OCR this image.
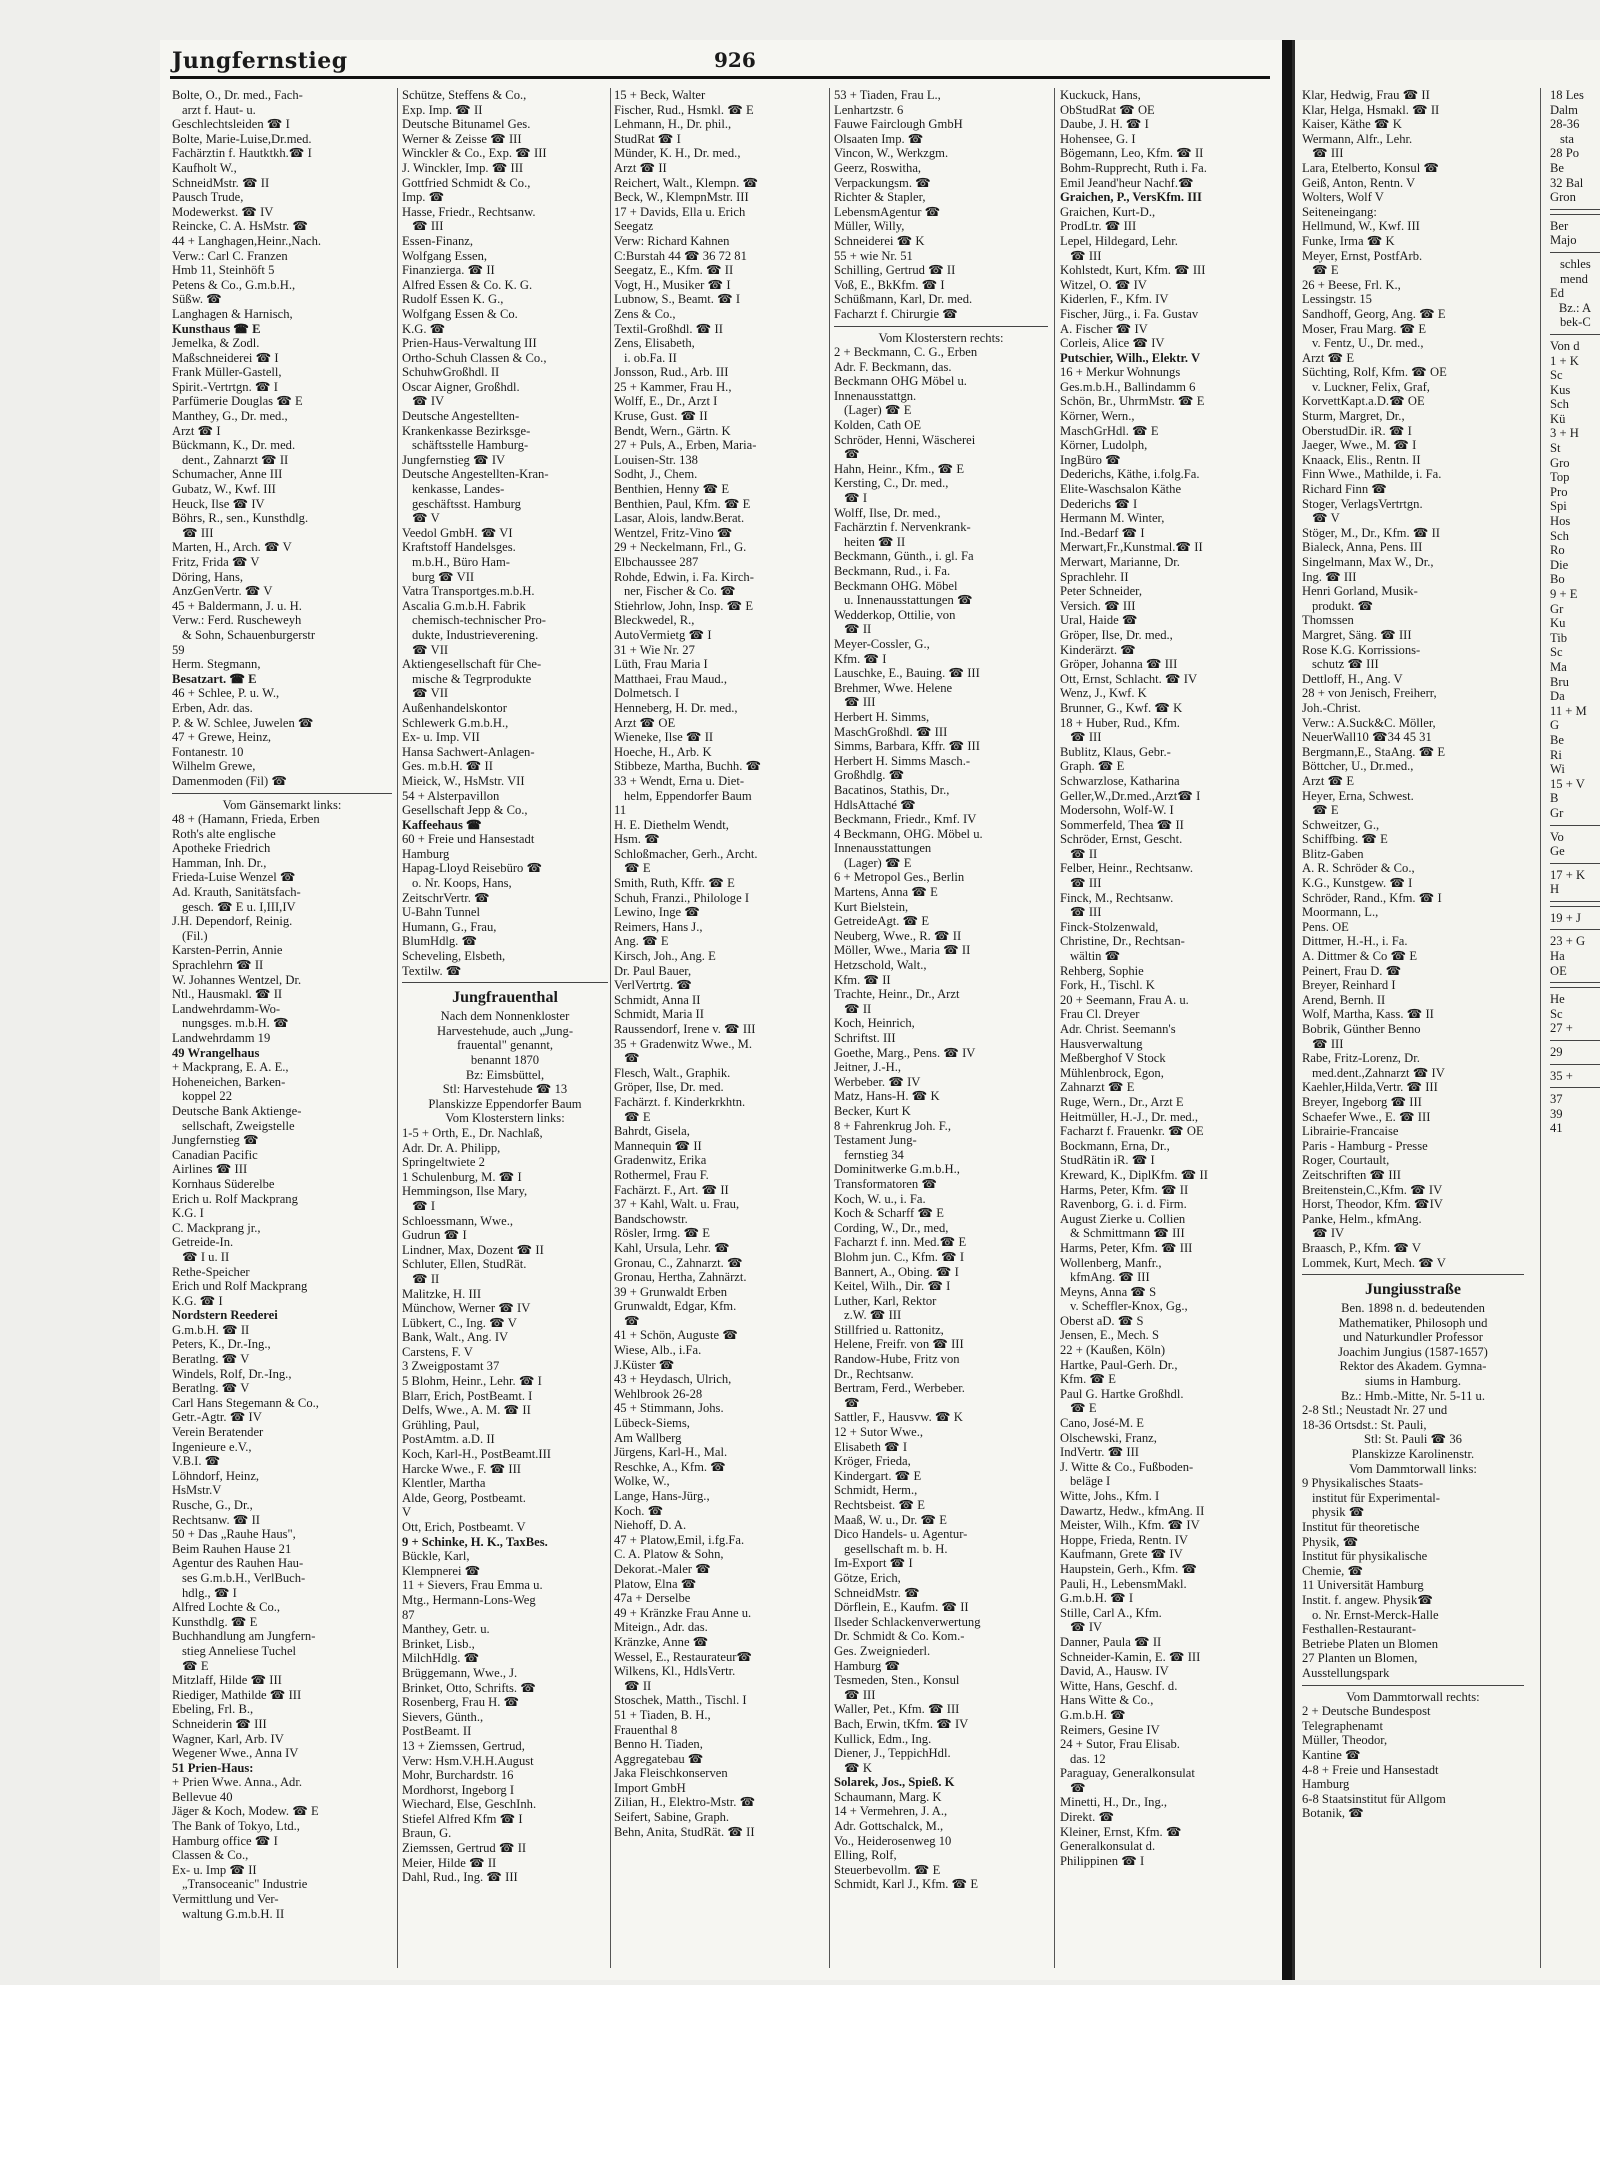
Jungfernstieg	926
Bolte, O., Dr. med., Fach-
arzt f. Haut- u.
Geschlechtsleiden ☎ I
Bolte, Marie-Luise,Dr.med.
Fachärztin f. Hautktkh.☎ I
Kaufholt W.,
SchneidMstr. ☎ II
Pausch Trude,
Modewerkst. ☎ IV
Reincke, C. A. HsMstr. ☎
44 + Langhagen,Heinr.,Nach.
Verw.: Carl C. Franzen
Hmb 11, Steinhöft 5
Petens & Co., G.m.b.H.,
Süßw. ☎
Langhagen & Harnisch,
Kunsthaus ☎ E
Jemelka, & Zodl.
Maßschneiderei ☎ I
Frank Müller-Gastell,
Spirit.-Vertrtgn. ☎ I
Parfümerie Douglas ☎ E
Manthey, G., Dr. med.,
Arzt ☎ I
Bückmann, K., Dr. med.
dent., Zahnarzt ☎ II
Schumacher, Anne III
Gubatz, W., Kwf. III
Heuck, Ilse ☎ IV
Böhrs, R., sen., Kunsthdlg.
☎ III
Marten, H., Arch. ☎ V
Fritz, Frida ☎ V
Döring, Hans,
AnzGenVertr. ☎ V
45 + Baldermann, J. u. H.
Verw.: Ferd. Ruscheweyh
& Sohn, Schauenburgerstr
59
Herm. Stegmann,
Besatzart. ☎ E
46 + Schlee, P. u. W.,
Erben, Adr. das.
P. & W. Schlee, Juwelen ☎
47 + Grewe, Heinz,
Fontanestr. 10
Wilhelm Grewe,
Damenmoden (Fil) ☎
Vom Gänsemarkt links:
48 + (Hamann, Frieda, Erben
Roth's alte englische
Apotheke Friedrich
Hamman, Inh. Dr.,
Frieda-Luise Wenzel ☎
Ad. Krauth, Sanitätsfach-
gesch. ☎ E u. I,III,IV
J.H. Dependorf, Reinig.
(Fil.)
Karsten-Perrin, Annie
Sprachlehrn ☎ II
W. Johannes Wentzel, Dr.
Ntl., Hausmakl. ☎ II
Landwehrdamm-Wo-
nungsges. m.b.H. ☎
Landwehrdamm 19
49 Wrangelhaus
+ Mackprang, E. A. E.,
Hoheneichen, Barken-
koppel 22
Deutsche Bank Aktienge-
sellschaft, Zweigstelle
Jungfernstieg ☎
Canadian Pacific
Airlines ☎ III
Kornhaus Süderelbe
Erich u. Rolf Mackprang
K.G. I
C. Mackprang jr.,
Getreide-In.
☎ I u. II
Rethe-Speicher
Erich und Rolf Mackprang
K.G. ☎ I
Nordstern Reederei
G.m.b.H. ☎ II
Peters, K., Dr.-Ing.,
Beratlng. ☎ V
Windels, Rolf, Dr.-Ing.,
Beratlng. ☎ V
Carl Hans Stegemann & Co.,
Getr.-Agtr. ☎ IV
Verein Beratender
Ingenieure e.V.,
V.B.I. ☎
Löhndorf, Heinz,
HsMstr.V
Rusche, G., Dr.,
Rechtsanw. ☎ II
50 + Das „Rauhe Haus",
Beim Rauhen Hause 21
Agentur des Rauhen Hau-
ses G.m.b.H., VerlBuch-
hdlg., ☎ I
Alfred Lochte & Co.,
Kunsthdlg. ☎ E
Buchhandlung am Jungfern-
stieg Anneliese Tuchel
☎ E
Mitzlaff, Hilde ☎ III
Riediger, Mathilde ☎ III
Ebeling, Frl. B.,
Schneiderin ☎ III
Wagner, Karl, Arb. IV
Wegener Wwe., Anna IV
51 Prien-Haus:
+ Prien Wwe. Anna., Adr.
Bellevue 40
Jäger & Koch, Modew. ☎ E
The Bank of Tokyo, Ltd.,
Hamburg office ☎ I
Classen & Co.,
Ex- u. Imp ☎ II
„Transoceanic" Industrie
Vermittlung und Ver-
waltung G.m.b.H. II
Schütze, Steffens & Co.,
Exp. Imp. ☎ II
Deutsche Bitunamel Ges.
Werner & Zeisse ☎ III
Winckler & Co., Exp. ☎ III
J. Winckler, Imp. ☎ III
Gottfried Schmidt & Co.,
Imp. ☎
Hasse, Friedr., Rechtsanw.
☎ III
Essen-Finanz,
Wolfgang Essen,
Finanzierga. ☎ II
Alfred Essen & Co. K. G.
Rudolf Essen K. G.,
Wolfgang Essen & Co.
K.G. ☎
Prien-Haus-Verwaltung III
Ortho-Schuh Classen & Co.,
SchuhwGroßhdl. II
Oscar Aigner, Großhdl.
☎ IV
Deutsche Angestellten-
Krankenkasse Bezirksge-
schäftsstelle Hamburg-
Jungfernstieg ☎ IV
Deutsche Angestellten-Kran-
kenkasse, Landes-
geschäftsst. Hamburg
☎ V
Veedol GmbH. ☎ VI
Kraftstoff Handelsges.
m.b.H., Büro Ham-
burg ☎ VII
Vatra Transportges.m.b.H.
Ascalia G.m.b.H. Fabrik
chemisch-technischer Pro-
dukte, Industrieverening.
☎ VII
Aktiengesellschaft für Che-
mische & Tegrprodukte
☎ VII
Außenhandelskontor
Schlewerk G.m.b.H.,
Ex- u. Imp. VII
Hansa Sachwert-Anlagen-
Ges. m.b.H. ☎ II
Mieick, W., HsMstr. VII
54 + Alsterpavillon
Gesellschaft Jepp & Co.,
Kaffeehaus ☎
60 + Freie und Hansestadt
Hamburg
Hapag-Lloyd Reisebüro ☎
o. Nr. Koops, Hans,
ZeitschrVertr. ☎
U-Bahn Tunnel
Humann, G., Frau,
BlumHdlg. ☎
Scheveling, Elsbeth,
Textilw. ☎
Jungfrauenthal
Nach dem Nonnenkloster
Harvestehude, auch „Jung-
frauental" genannt,
benannt 1870
Bz: Eimsbüttel,
Stl: Harvestehude ☎ 13
Planskizze Eppendorfer Baum
Vom Klosterstern links:
1-5 + Orth, E., Dr. Nachlaß,
Adr. Dr. A. Philipp,
Springeltwiete 2
1 Schulenburg, M. ☎ I
Hemmingson, Ilse Mary,
☎ I
Schloessmann, Wwe.,
Gudrun ☎ I
Lindner, Max, Dozent ☎ II
Schluter, Ellen, StudRät.
☎ II
Malitzke, H. III
Münchow, Werner ☎ IV
Lübkert, C., Ing. ☎ V
Bank, Walt., Ang. IV
Carstens, F. V
3 Zweigpostamt 37
5 Blohm, Heinr., Lehr. ☎ I
Blarr, Erich, PostBeamt. I
Delfs, Wwe., A. M. ☎ II
Grühling, Paul,
PostAmtm. a.D. II
Koch, Karl-H., PostBeamt.III
Harcke Wwe., F. ☎ III
Klentler, Martha
Alde, Georg, Postbeamt.
V
Ott, Erich, Postbeamt. V
9 + Schinke, H. K., TaxBes.
Bückle, Karl,
Klempnerei ☎
11 + Sievers, Frau Emma u.
Mtg., Hermann-Lons-Weg
87
Manthey, Getr. u.
Brinket, Lisb.,
MilchHdlg. ☎
Brüggemann, Wwe., J.
Brinket, Otto, Schrifts. ☎
Rosenberg, Frau H. ☎
Sievers, Günth.,
PostBeamt. II
13 + Ziemssen, Gertrud,
Verw: Hsm.V.H.H.August
Mohr, Burchardstr. 16
Mordhorst, Ingeborg I
Wiechard, Else, GeschInh.
Stiefel Alfred Kfm ☎ I
Braun, G.
Ziemssen, Gertrud ☎ II
Meier, Hilde ☎ II
Dahl, Rud., Ing. ☎ III
15 + Beck, Walter
Fischer, Rud., Hsmkl. ☎ E
Lehmann, H., Dr. phil.,
StudRat ☎ I
Münder, K. H., Dr. med.,
Arzt ☎ II
Reichert, Walt., Klempn. ☎
Beck, W., KlempnMstr. III
17 + Davids, Ella u. Erich
Seegatz
Verw: Richard Kahnen
C:Burstah 44 ☎ 36 72 81
Seegatz, E., Kfm. ☎ II
Vogt, H., Musiker ☎ I
Lubnow, S., Beamt. ☎ I
Zens & Co.,
Textil-Großhdl. ☎ II
Zens, Elisabeth,
i. ob.Fa. II
Jonsson, Rud., Arb. III
25 + Kammer, Frau H.,
Wolff, E., Dr., Arzt I
Kruse, Gust. ☎ II
Bendt, Wern., Gärtn. K
27 + Puls, A., Erben, Maria-
Louisen-Str. 138
Sodht, J., Chem.
Benthien, Henny ☎ E
Benthien, Paul, Kfm. ☎ E
Lasar, Alois, landw.Berat.
Wentzel, Fritz-Vino ☎
29 + Neckelmann, Frl., G.
Elbchaussee 287
Rohde, Edwin, i. Fa. Kirch-
ner, Fischer & Co. ☎
Stiehrlow, John, Insp. ☎ E
Bleckwedel, R.,
AutoVermietg ☎ I
31 + Wie Nr. 27
Lüth, Frau Maria I
Matthaei, Frau Maud.,
Dolmetsch. I
Henneberg, H. Dr. med.,
Arzt ☎ OE
Wieneke, Ilse ☎ II
Hoeche, H., Arb. K
Stibbeze, Martha, Buchh. ☎
33 + Wendt, Erna u. Diet-
helm, Eppendorfer Baum
11
H. E. Diethelm Wendt,
Hsm. ☎
Schloßmacher, Gerh., Archt.
☎ E
Smith, Ruth, Kffr. ☎ E
Schuh, Franzi., Philologe I
Lewino, Inge ☎
Reimers, Hans J.,
Ang. ☎ E
Kirsch, Joh., Ang. E
Dr. Paul Bauer,
VerlVertrtg. ☎
Schmidt, Anna II
Schmidt, Maria II
Raussendorf, Irene v. ☎ III
35 + Gradenwitz Wwe., M.
☎
Flesch, Walt., Graphik.
Gröper, Ilse, Dr. med.
Fachärzt. f. Kinderkrkhtn.
☎ E
Bahrdt, Gisela,
Mannequin ☎ II
Gradenwitz, Erika
Rothermel, Frau F.
Fachärzt. F., Art. ☎ II
37 + Kahl, Walt. u. Frau,
Bandschowstr.
Rösler, Irmg. ☎ E
Kahl, Ursula, Lehr. ☎
Gronau, C., Zahnarzt. ☎
Gronau, Hertha, Zahnärzt.
39 + Grunwaldt Erben
Grunwaldt, Edgar, Kfm.
☎
41 + Schön, Auguste ☎
Wiese, Alb., i.Fa.
J.Küster ☎
43 + Heydasch, Ulrich,
Wehlbrook 26-28
45 + Stimmann, Johs.
Lübeck-Siems,
Am Wallberg
Jürgens, Karl-H., Mal.
Reschke, A., Kfm. ☎
Wolke, W.,
Lange, Hans-Jürg.,
Koch. ☎
Niehoff, D. A.
47 + Platow,Emil, i.fg.Fa.
C. A. Platow & Sohn,
Dekorat.-Maler ☎
Platow, Elna ☎
47a + Derselbe
49 + Kränzke Frau Anne u.
Miteign., Adr. das.
Kränzke, Anne ☎
Wessel, E., Restaurateur☎
Wilkens, Kl., HdlsVertr.
☎ II
Stoschek, Matth., Tischl. I
51 + Tiaden, B. H.,
Frauenthal 8
Benno H. Tiaden,
Aggregatebau ☎
Jaka Fleischkonserven
Import GmbH
Zilian, H., Elektro-Mstr. ☎
Seifert, Sabine, Graph.
Behn, Anita, StudRät. ☎ II
53 + Tiaden, Frau L.,
Lenhartzstr. 6
Fauwe Fairclough GmbH
Olsaaten Imp. ☎
Vincon, W., Werkzgm.
Geerz, Roswitha,
Verpackungsm. ☎
Richter & Stapler,
LebensmAgentur ☎
Müller, Willy,
Schneiderei ☎ K
55 + wie Nr. 51
Schilling, Gertrud ☎ II
Voß, E., BkKfm. ☎ I
Schüßmann, Karl, Dr. med.
Facharzt f. Chirurgie ☎
Vom Klosterstern rechts:
2 + Beckmann, C. G., Erben
Adr. F. Beckmann, das.
Beckmann OHG Möbel u.
Innenausstattgn.
(Lager) ☎ E
Kolden, Cath OE
Schröder, Henni, Wäscherei
☎
Hahn, Heinr., Kfm., ☎ E
Kersting, C., Dr. med.,
☎ I
Wolff, Ilse, Dr. med.,
Fachärztin f. Nervenkrank-
heiten ☎ II
Beckmann, Günth., i. gl. Fa
Beckmann, Rud., i. Fa.
Beckmann OHG. Möbel
u. Innenausstattungen ☎
Wedderkop, Ottilie, von
☎ II
Meyer-Cossler, G.,
Kfm. ☎ I
Lauschke, E., Bauing. ☎ III
Brehmer, Wwe. Helene
☎ III
Herbert H. Simms,
MaschGroßhdl. ☎ III
Simms, Barbara, Kffr. ☎ III
Herbert H. Simms Masch.-
Großhdlg. ☎
Bacatinos, Stathis, Dr.,
HdlsAttaché ☎
Beckmann, Friedr., Kmf. IV
4 Beckmann, OHG. Möbel u.
Innenausstattungen
(Lager) ☎ E
6 + Metropol Ges., Berlin
Martens, Anna ☎ E
Kurt Bielstein,
GetreideAgt. ☎ E
Neuberg, Wwe., R. ☎ II
Möller, Wwe., Maria ☎ II
Hetzschold, Walt.,
Kfm. ☎ II
Trachte, Heinr., Dr., Arzt
☎ II
Koch, Heinrich,
Schriftst. III
Goethe, Marg., Pens. ☎ IV
Jeitner, J.-H.,
Werbeber. ☎ IV
Matz, Hans-H. ☎ K
Becker, Kurt K
8 + Fahrenkrug Joh. F.,
Testament Jung-
fernstieg 34
Dominitwerke G.m.b.H.,
Transformatoren ☎
Koch, W. u., i. Fa.
Koch & Scharff ☎ E
Cording, W., Dr., med,
Facharzt f. inn. Med.☎ E
Blohm jun. C., Kfm. ☎ I
Bannert, A., Obing. ☎ I
Keitel, Wilh., Dir. ☎ I
Luther, Karl, Rektor
z.W. ☎ III
Stillfried u. Rattonitz,
Helene, Freifr. von ☎ III
Randow-Hube, Fritz von
Dr., Rechtsanw.
Bertram, Ferd., Werbeber.
☎
Sattler, F., Hausvw. ☎ K
12 + Sutor Wwe.,
Elisabeth ☎ I
Kröger, Frieda,
Kindergart. ☎ E
Schmidt, Herm.,
Rechtsbeist. ☎ E
Maaß, W. u., Dr. ☎ E
Dico Handels- u. Agentur-
gesellschaft m. b. H.
Im-Export ☎ I
Götze, Erich,
SchneidMstr. ☎
Dörflein, E., Kaufm. ☎ II
Ilseder Schlackenverwertung
Dr. Schmidt & Co. Kom.-
Ges. Zweigniederl.
Hamburg ☎
Tesmeden, Sten., Konsul
☎ III
Waller, Pet., Kfm. ☎ III
Bach, Erwin, tKfm. ☎ IV
Kullick, Edm., Ing.
Diener, J., TeppichHdl.
☎ K
Solarek, Jos., Spieß. K
Schaumann, Marg. K
14 + Vermehren, J. A.,
Adr. Gottschalck, M.,
Vo., Heiderosenweg 10
Elling, Rolf,
Steuerbevollm. ☎ E
Schmidt, Karl J., Kfm. ☎ E
Kuckuck, Hans,
ObStudRat ☎ OE
Daube, J. H. ☎ I
Hohensee, G. I
Bögemann, Leo, Kfm. ☎ II
Bohm-Rupprecht, Ruth i. Fa.
Emil Jeand'heur Nachf.☎
Graichen, P., VersKfm. III
Graichen, Kurt-D.,
ProdLtr. ☎ III
Lepel, Hildegard, Lehr.
☎ III
Kohlstedt, Kurt, Kfm. ☎ III
Witzel, O. ☎ IV
Kiderlen, F., Kfm. IV
Fischer, Jürg., i. Fa. Gustav
A. Fischer ☎ IV
Corleis, Alice ☎ IV
Putschier, Wilh., Elektr. V
16 + Merkur Wohnungs
Ges.m.b.H., Ballindamm 6
Schön, Br., UhrmMstr. ☎ E
Körner, Wern.,
MaschGrHdl. ☎ E
Körner, Ludolph,
IngBüro ☎
Dederichs, Käthe, i.folg.Fa.
Elite-Waschsalon Käthe
Dederichs ☎ I
Hermann M. Winter,
Ind.-Bedarf ☎ I
Merwart,Fr.,Kunstmal.☎ II
Merwart, Marianne, Dr.
Sprachlehr. II
Peter Schneider,
Versich. ☎ III
Ural, Haide ☎
Gröper, Ilse, Dr. med.,
Kinderärzt. ☎
Gröper, Johanna ☎ III
Ott, Ernst, Schlacht. ☎ IV
Wenz, J., Kwf. K
Brunner, G., Kwf. ☎ K
18 + Huber, Rud., Kfm.
☎ III
Bublitz, Klaus, Gebr.-
Graph. ☎ E
Schwarzlose, Katharina
Geller,W.,Dr.med.,Arzt☎ I
Modersohn, Wolf-W. I
Sommerfeld, Thea ☎ II
Schröder, Ernst, Gescht.
☎ II
Felber, Heinr., Rechtsanw.
☎ III
Finck, M., Rechtsanw.
☎ III
Finck-Stolzenwald,
Christine, Dr., Rechtsan-
wältin ☎
Rehberg, Sophie
Fork, H., Tischl. K
20 + Seemann, Frau A. u.
Frau Cl. Dreyer
Adr. Christ. Seemann's
Hausverwaltung
Meßberghof V Stock
Mühlenbrock, Egon,
Zahnarzt ☎ E
Ruge, Wern., Dr., Arzt E
Heitmüller, H.-J., Dr. med.,
Facharzt f. Frauenkr. ☎ OE
Bockmann, Erna, Dr.,
StudRätin iR. ☎ I
Kreward, K., DiplKfm. ☎ II
Harms, Peter, Kfm. ☎ II
Ravenborg, G. i. d. Firm.
August Zierke u. Collien
& Schmittmann ☎ III
Harms, Peter, Kfm. ☎ III
Wollenberg, Manfr.,
kfmAng. ☎ III
Meyns, Anna ☎ S
v. Scheffler-Knox, Gg.,
Oberst aD. ☎ S
Jensen, E., Mech. S
22 + (Kaußen, Köln)
Hartke, Paul-Gerh. Dr.,
Kfm. ☎ E
Paul G. Hartke Großhdl.
☎ E
Cano, José-M. E
Olschewski, Franz,
IndVertr. ☎ III
J. Witte & Co., Fußboden-
beläge I
Witte, Johs., Kfm. I
Dawartz, Hedw., kfmAng. II
Meister, Wilh., Kfm. ☎ IV
Hoppe, Frieda, Rentn. IV
Kaufmann, Grete ☎ IV
Haupstein, Gerh., Kfm. ☎
Pauli, H., LebensmMakl.
G.m.b.H. ☎ I
Stille, Carl A., Kfm.
☎ IV
Danner, Paula ☎ II
Schneider-Kamin, E. ☎ III
David, A., Hausw. IV
Witte, Hans, Geschf. d.
Hans Witte & Co.,
G.m.b.H. ☎
Reimers, Gesine IV
24 + Sutor, Frau Elisab.
das. 12
Paraguay, Generalkonsulat
☎
Minetti, H., Dr., Ing.,
Direkt. ☎
Kleiner, Ernst, Kfm. ☎
Generalkonsulat d.
Philippinen ☎ I
Klar, Hedwig, Frau ☎ II
Klar, Helga, Hsmakl. ☎ II
Kaiser, Käthe ☎ K
Wermann, Alfr., Lehr.
☎ III
Lara, Etelberto, Konsul ☎
Geiß, Anton, Rentn. V
Wolters, Wolf V
Seiteneingang:
Hellmund, W., Kwf. III
Funke, Irma ☎ K
Meyer, Ernst, PostfArb.
☎ E
26 + Beese, Frl. K.,
Lessingstr. 15
Sandhoff, Georg, Ang. ☎ E
Moser, Frau Marg. ☎ E
v. Fentz, U., Dr. med.,
Arzt ☎ E
Süchting, Rolf, Kfm. ☎ OE
v. Luckner, Felix, Graf,
KorvettKapt.a.D.☎ OE
Sturm, Margret, Dr.,
OberstudDir. iR. ☎ I
Jaeger, Wwe., M. ☎ I
Knaack, Elis., Rentn. II
Finn Wwe., Mathilde, i. Fa.
Richard Finn ☎
Stoger, VerlagsVertrtgn.
☎ V
Stöger, M., Dr., Kfm. ☎ II
Bialeck, Anna, Pens. III
Singelmann, Max W., Dr.,
Ing. ☎ III
Henri Gorland, Musik-
produkt. ☎
Thomssen
Margret, Säng. ☎ III
Rose K.G. Korrissions-
schutz ☎ III
Dettloff, H., Ang. V
28 + von Jenisch, Freiherr,
Joh.-Christ.
Verw.: A.Suck&C. Möller,
NeuerWall10 ☎34 45 31
Bergmann,E., StaAng. ☎ E
Böttcher, U., Dr.med.,
Arzt ☎ E
Heyer, Erna, Schwest.
☎ E
Schweitzer, G.,
Schiffbing. ☎ E
Blitz-Gaben
A. R. Schröder & Co.,
K.G., Kunstgew. ☎ I
Schröder, Rand., Kfm. ☎ I
Moormann, L.,
Pens. OE
Dittmer, H.-H., i. Fa.
A. Dittmer & Co ☎ E
Peinert, Frau D. ☎
Breyer, Reinhard I
Arend, Bernh. II
Wolf, Martha, Kass. ☎ II
Bobrik, Günther Benno
☎ III
Rabe, Fritz-Lorenz, Dr.
med.dent.,Zahnarzt ☎ IV
Kaehler,Hilda,Vertr. ☎ III
Breyer, Ingeborg ☎ III
Schaefer Wwe., E. ☎ III
Librairie-Francaise
Paris - Hamburg - Presse
Roger, Courtault,
Zeitschriften ☎ III
Breitenstein,C.,Kfm. ☎ IV
Horst, Theodor, Kfm. ☎IV
Panke, Helm., kfmAng.
☎ IV
Braasch, P., Kfm. ☎ V
Lommek, Kurt, Mech. ☎ V
Jungiusstraße
Ben. 1898 n. d. bedeutenden
Mathematiker, Philosoph und
und Naturkundler Professor
Joachim Jungius (1587-1657)
Rektor des Akadem. Gymna-
siums in Hamburg.
Bz.: Hmb.-Mitte, Nr. 5-11 u.
2-8 Stl.; Neustadt Nr. 27 und
18-36 Ortsdst.: St. Pauli,
Stl: St. Pauli ☎ 36
Planskizze Karolinenstr.
Vom Dammtorwall links:
9 Physikalisches Staats-
institut für Experimental-
physik ☎
Institut für theoretische
Physik, ☎
Institut für physikalische
Chemie, ☎
11 Universität Hamburg
Instit. f. angew. Physik☎
o. Nr. Ernst-Merck-Halle
Festhallen-Restaurant-
Betriebe Platen un Blomen
27 Planten un Blomen,
Ausstellungspark
Vom Dammtorwall rechts:
2 + Deutsche Bundespost
Telegraphenamt
Müller, Theodor,
Kantine ☎
4-8 + Freie und Hansestadt
Hamburg
6-8 Staatsinstitut für Allgom
Botanik, ☎
18 Les
Dalm
28-36
sta
28 Po
Be
32 Bal
Gron
Ber
Majo
schles
mend
Ed
Bz.: A
bek-C
Von d
1 + K
Sc
Kus
Sch
Kü
3 + H
St
Gro
Top
Pro
Spi
Hos
Sch
Ro
Die
Bo
9 + E
Gr
Ku
Tib
Sc
Ma
Bru
Da
11 + M
G
Be
Ri
Wi
15 + V
B
Gr
Vo
Ge
17 + K
H
19 + J
23 + G
Ha
OE
He
Sc
27 +
29
35 +
37
39
41
